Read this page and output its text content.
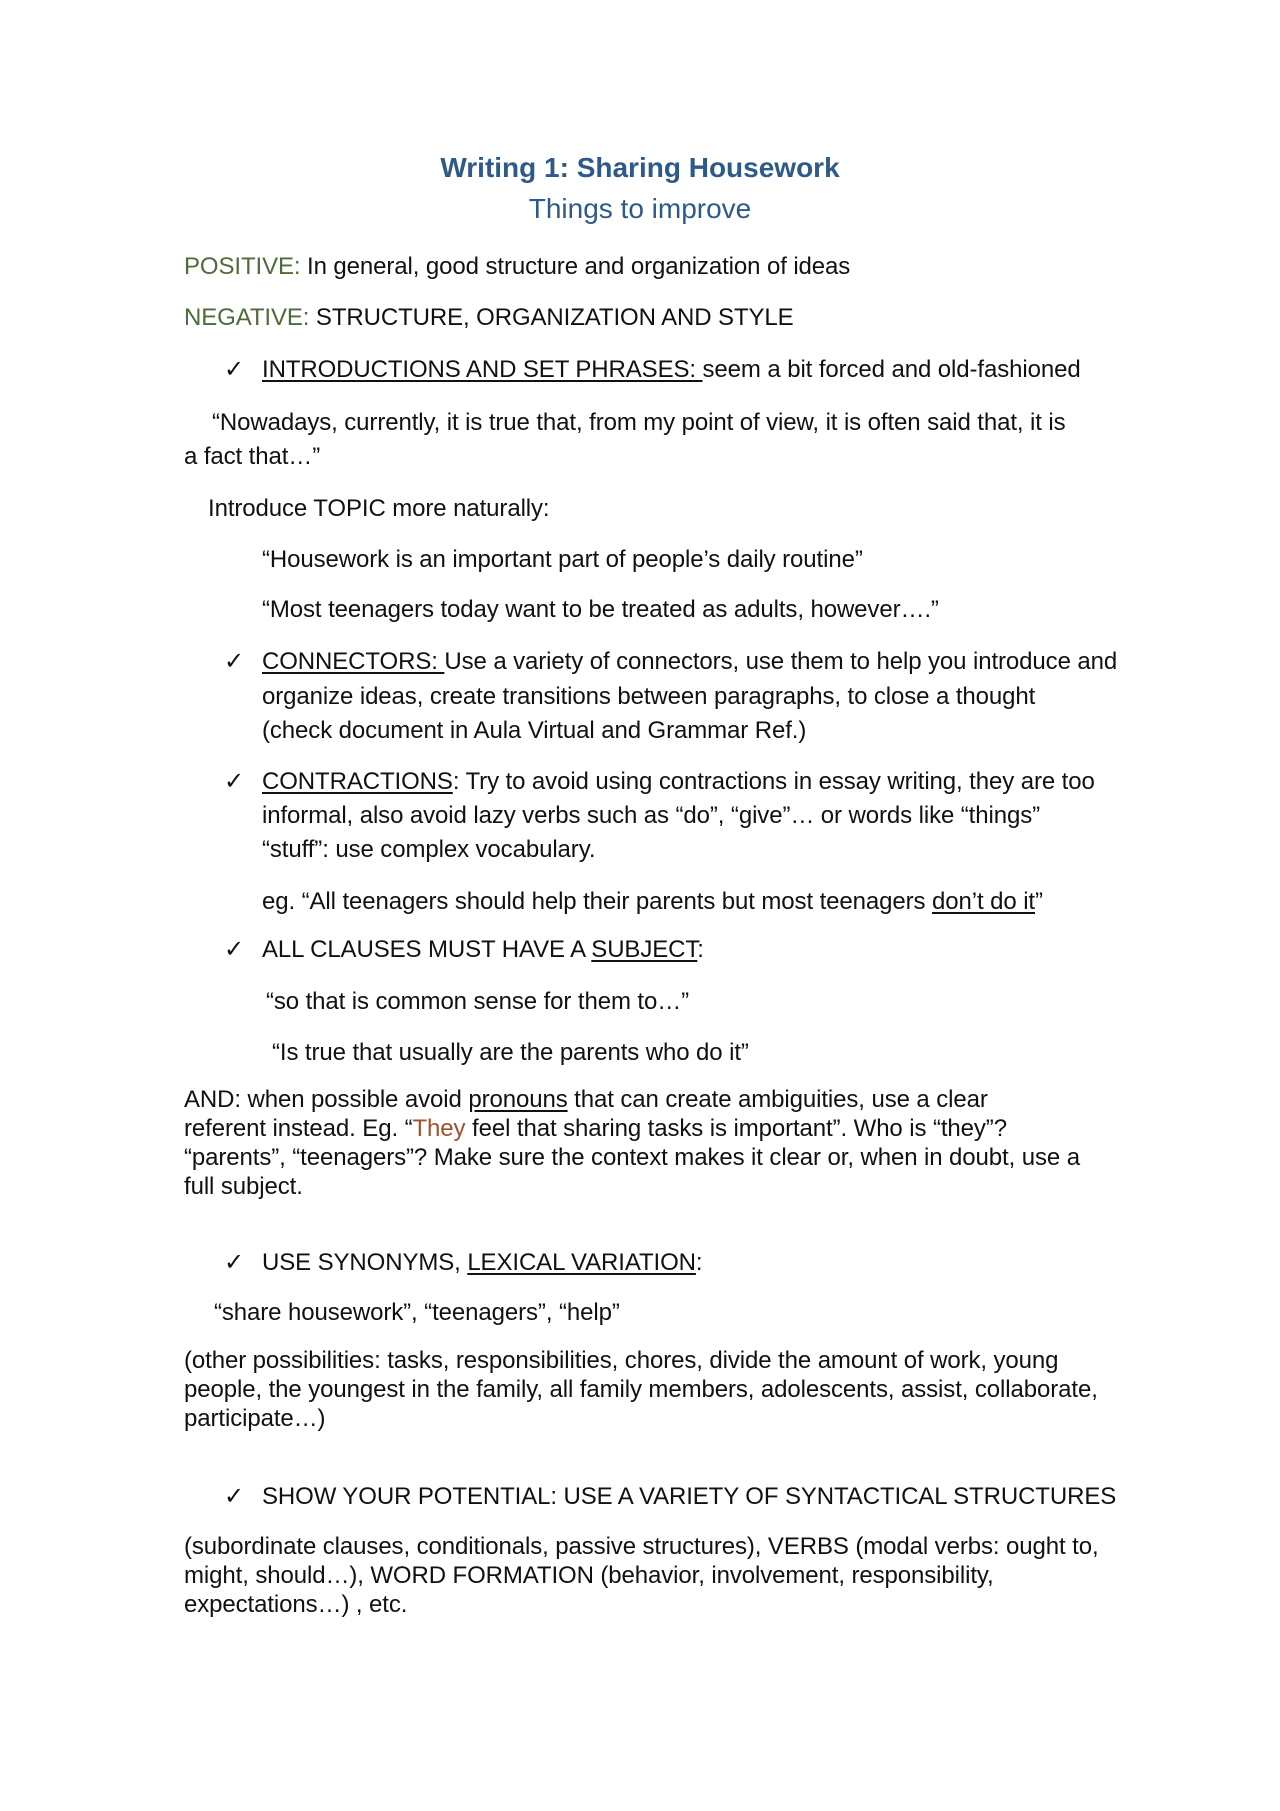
Writing 1: Sharing Housework
Things to improve
POSITIVE: In general, good structure and organization of ideas
NEGATIVE: STRUCTURE, ORGANIZATION AND STYLE
✓ INTRODUCTIONS AND SET PHRASES: seem a bit forced and old-fashioned
“Nowadays, currently, it is true that, from my point of view, it is often said that, it is
a fact that…”
Introduce TOPIC more naturally:
“Housework is an important part of people’s daily routine”
“Most teenagers today want to be treated as adults, however….”
✓ CONNECTORS: Use a variety of connectors, use them to help you introduce and
organize ideas, create transitions between paragraphs, to close a thought
(check document in Aula Virtual and Grammar Ref.)
✓ CONTRACTIONS: Try to avoid using contractions in essay writing, they are too
informal, also avoid lazy verbs such as “do”, “give”… or words like “things”
“stuff”: use complex vocabulary.
eg. “All teenagers should help their parents but most teenagers don’t do it”
✓ ALL CLAUSES MUST HAVE A SUBJECT:
“so that is common sense for them to…”
“Is true that usually are the parents who do it”
AND: when possible avoid pronouns that can create ambiguities, use a clear
referent instead. Eg. “They feel that sharing tasks is important”. Who is “they”?
“parents”, “teenagers”? Make sure the context makes it clear or, when in doubt, use a
full subject.
✓ USE SYNONYMS, LEXICAL VARIATION:
“share housework”, “teenagers”, “help”
(other possibilities: tasks, responsibilities, chores, divide the amount of work, young
people, the youngest in the family, all family members, adolescents, assist, collaborate,
participate…)
✓ SHOW YOUR POTENTIAL: USE A VARIETY OF SYNTACTICAL STRUCTURES
(subordinate clauses, conditionals, passive structures), VERBS (modal verbs: ought to,
might, should…), WORD FORMATION (behavior, involvement, responsibility,
expectations…) , etc.
